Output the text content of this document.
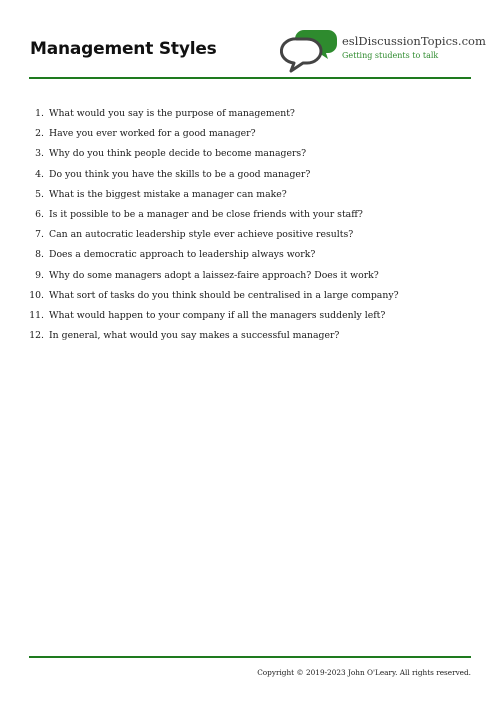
Management Styles	eslDiscussionTopics.com
Getting students to talk
1. What would you say is the purpose of management?
2. Have you ever worked for a good manager?
3. Why do you think people decide to become managers?
4. Do you think you have the skills to be a good manager?
5. What is the biggest mistake a manager can make?
6. Is it possible to be a manager and be close friends with your staff?
7. Can an autocratic leadership style ever achieve positive results?
8. Does a democratic approach to leadership always work?
9. Why do some managers adopt a laissez-faire approach? Does it work?
10. What sort of tasks do you think should be centralised in a large company?
11. What would happen to your company if all the managers suddenly left?
12. In general, what would you say makes a successful manager?
Copyright © 2019-2023 John O'Leary. All rights reserved.
